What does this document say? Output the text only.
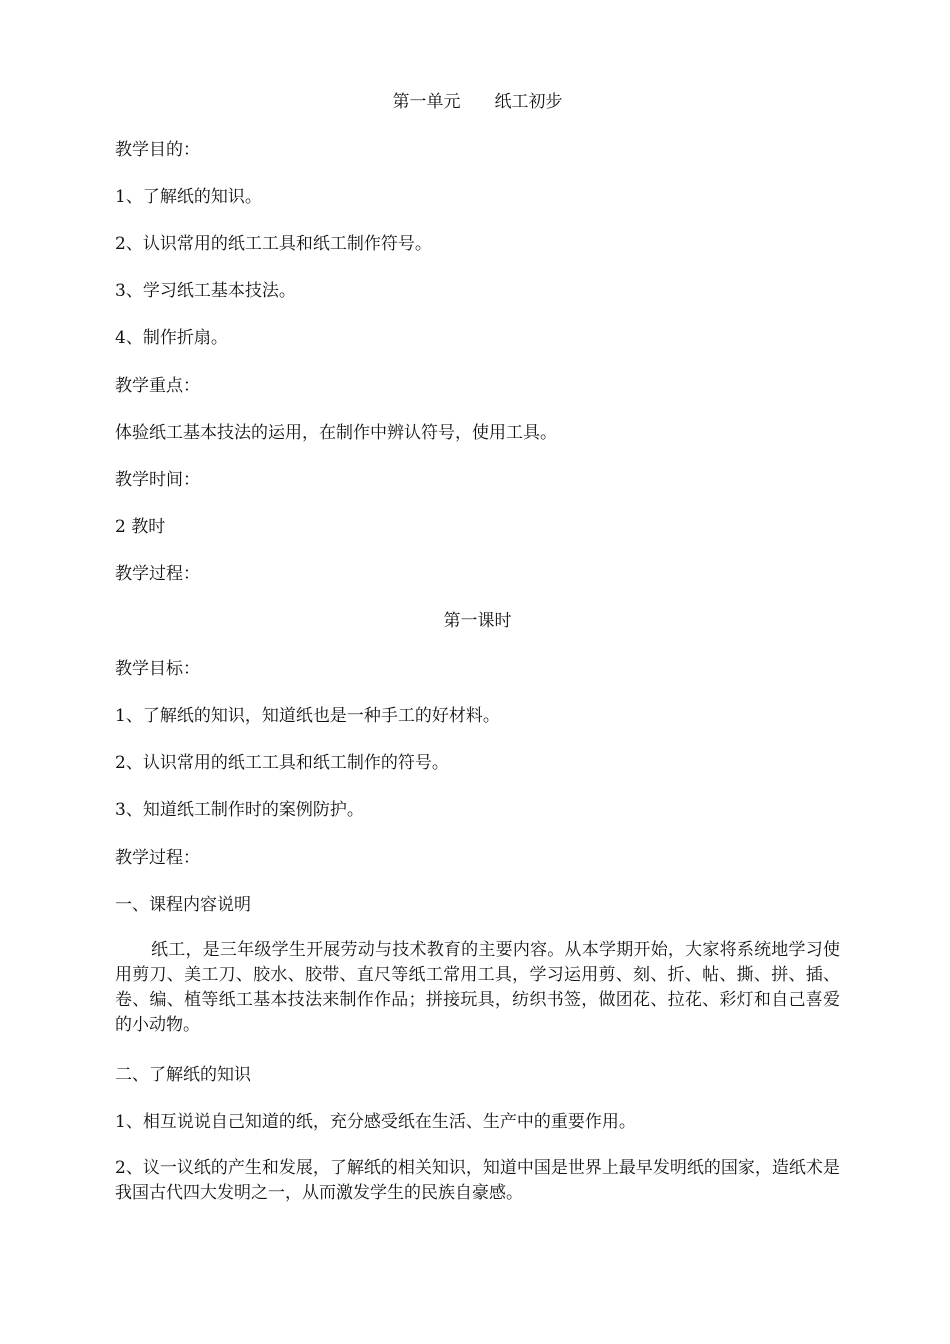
第一单元　　纸工初步
教学目的：
1、了解纸的知识。
2、认识常用的纸工工具和纸工制作符号。
3、学习纸工基本技法。
4、制作折扇。
教学重点：
体验纸工基本技法的运用，在制作中辨认符号，使用工具。
教学时间：
2 教时
教学过程：
第一课时
教学目标：
1、了解纸的知识，知道纸也是一种手工的好材料。
2、认识常用的纸工工具和纸工制作的符号。
3、知道纸工制作时的案例防护。
教学过程：
一、课程内容说明
纸工，是三年级学生开展劳动与技术教育的主要内容。从本学期开始，大家将系统地学习使用剪刀、美工刀、胶水、胶带、直尺等纸工常用工具，学习运用剪、刻、折、帖、撕、拼、插、卷、编、植等纸工基本技法来制作作品；拼接玩具，纺织书签，做团花、拉花、彩灯和自己喜爱的小动物。
二、了解纸的知识
1、相互说说自己知道的纸，充分感受纸在生活、生产中的重要作用。
2、议一议纸的产生和发展，了解纸的相关知识，知道中国是世界上最早发明纸的国家，造纸术是我国古代四大发明之一，从而激发学生的民族自豪感。
